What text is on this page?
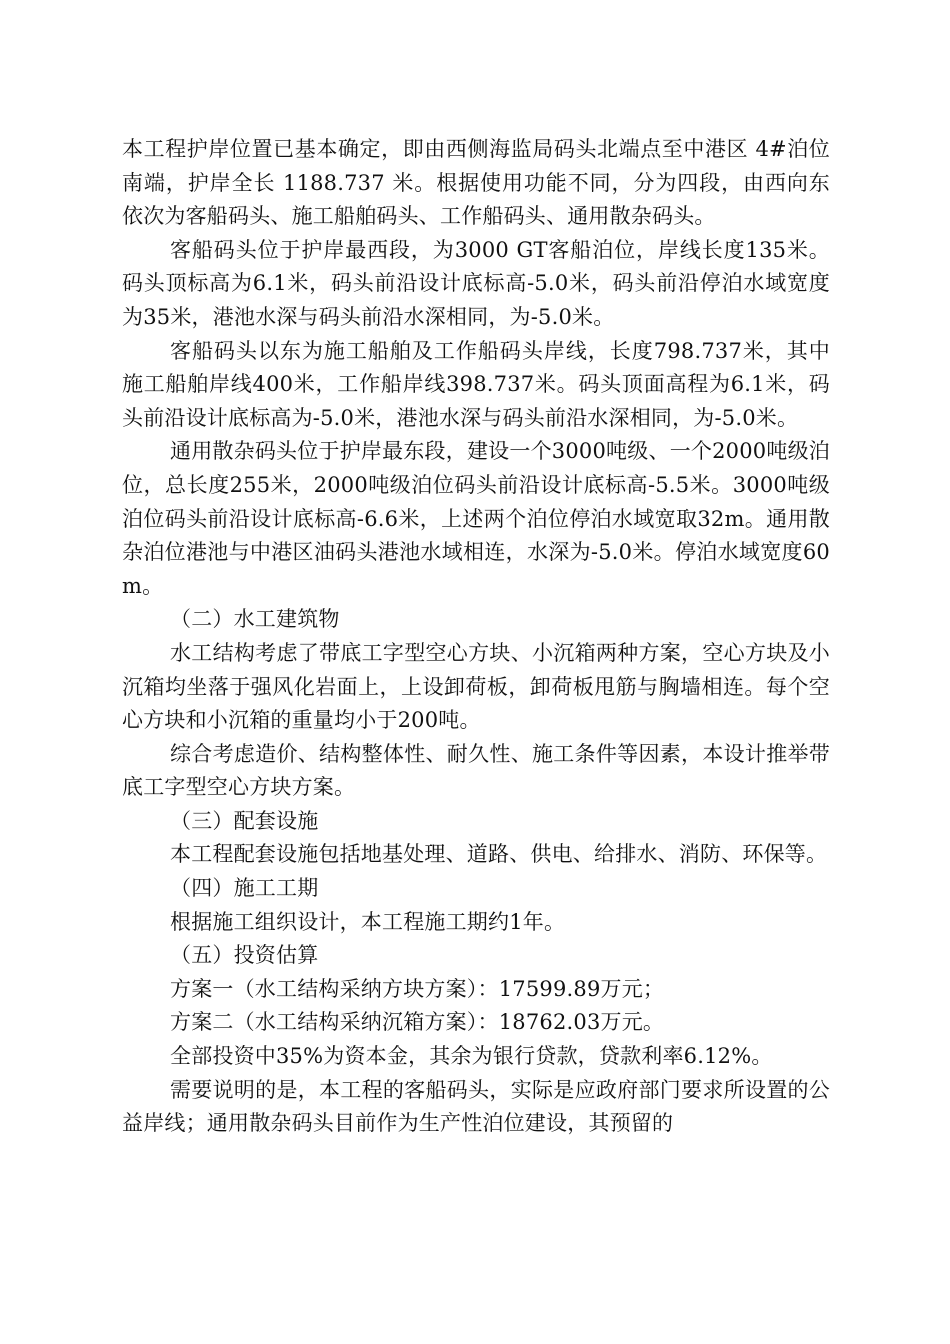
本工程护岸位置已基本确定，即由西侧海监局码头北端点至中港区 4#泊位南端，护岸全长 1188.737 米。根据使用功能不同，分为四段，由西向东依次为客船码头、施工船舶码头、工作船码头、通用散杂码头。

客船码头位于护岸最西段，为3000 GT客船泊位，岸线长度135米。码头顶标高为6.1米，码头前沿设计底标高-5.0米，码头前沿停泊水域宽度为35米，港池水深与码头前沿水深相同，为-5.0米。

客船码头以东为施工船舶及工作船码头岸线，长度798.737米，其中施工船舶岸线400米，工作船岸线398.737米。码头顶面高程为6.1米，码头前沿设计底标高为-5.0米，港池水深与码头前沿水深相同，为-5.0米。

通用散杂码头位于护岸最东段，建设一个3000吨级、一个2000吨级泊位，总长度255米，2000吨级泊位码头前沿设计底标高-5.5米。3000吨级泊位码头前沿设计底标高-6.6米，上述两个泊位停泊水域宽取32m。通用散杂泊位港池与中港区油码头港池水域相连，水深为-5.0米。停泊水域宽度60m。

（二）水工建筑物

水工结构考虑了带底工字型空心方块、小沉箱两种方案，空心方块及小沉箱均坐落于强风化岩面上，上设卸荷板，卸荷板甩筋与胸墙相连。每个空心方块和小沉箱的重量均小于200吨。

综合考虑造价、结构整体性、耐久性、施工条件等因素，本设计推举带底工字型空心方块方案。

（三）配套设施

本工程配套设施包括地基处理、道路、供电、给排水、消防、环保等。

（四）施工工期

根据施工组织设计，本工程施工期约1年。

（五）投资估算

方案一（水工结构采纳方块方案）：17599.89万元；

方案二（水工结构采纳沉箱方案）：18762.03万元。

全部投资中35%为资本金，其余为银行贷款，贷款利率6.12%。

需要说明的是，本工程的客船码头，实际是应政府部门要求所设置的公益岸线；通用散杂码头目前作为生产性泊位建设，其预留的
